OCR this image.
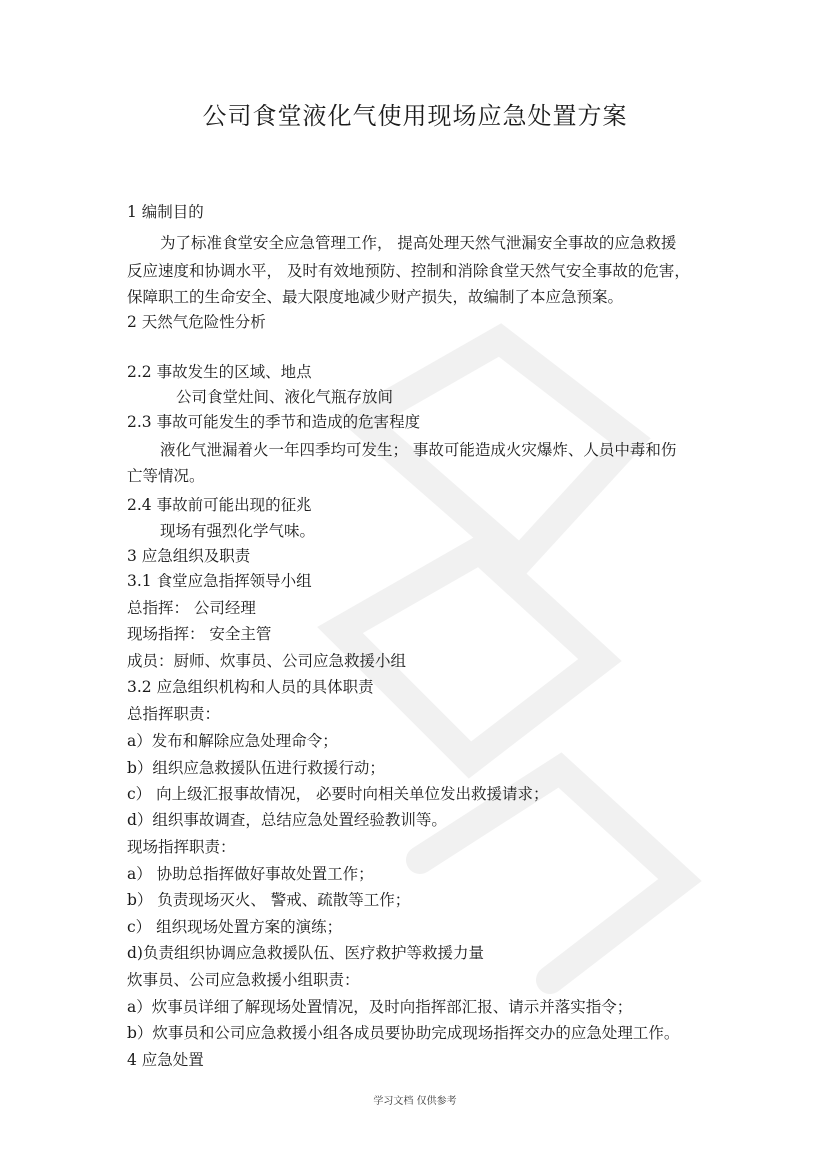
公司食堂液化气使用现场应急处置方案
1 编制目的
为了标准食堂安全应急管理工作， 提高处理天然气泄漏安全事故的应急救援
反应速度和协调水平， 及时有效地预防、控制和消除食堂天然气安全事故的危害，
保障职工的生命安全、最大限度地减少财产损失，故编制了本应急预案。
2 天然气危险性分析
2.2 事故发生的区域、地点
公司食堂灶间、液化气瓶存放间
2.3 事故可能发生的季节和造成的危害程度
液化气泄漏着火一年四季均可发生； 事故可能造成火灾爆炸、人员中毒和伤
亡等情况。
2.4 事故前可能出现的征兆
现场有强烈化学气味。
3 应急组织及职责
3.1 食堂应急指挥领导小组
总指挥： 公司经理
现场指挥： 安全主管
成员：厨师、炊事员、公司应急救援小组
3.2 应急组织机构和人员的具体职责
总指挥职责：
a）发布和解除应急处理命令；
b）组织应急救援队伍进行救援行动；
c） 向上级汇报事故情况， 必要时向相关单位发出救援请求；
d）组织事故调查，总结应急处置经验教训等。
现场指挥职责：
a） 协助总指挥做好事故处置工作；
b） 负责现场灭火、 警戒、疏散等工作；
c） 组织现场处置方案的演练；
d)负责组织协调应急救援队伍、医疗救护等救援力量
炊事员、公司应急救援小组职责：
a）炊事员详细了解现场处置情况，及时向指挥部汇报、请示并落实指令；
b）炊事员和公司应急救援小组各成员要协助完成现场指挥交办的应急处理工作。
4 应急处置
学习文档 仅供参考
